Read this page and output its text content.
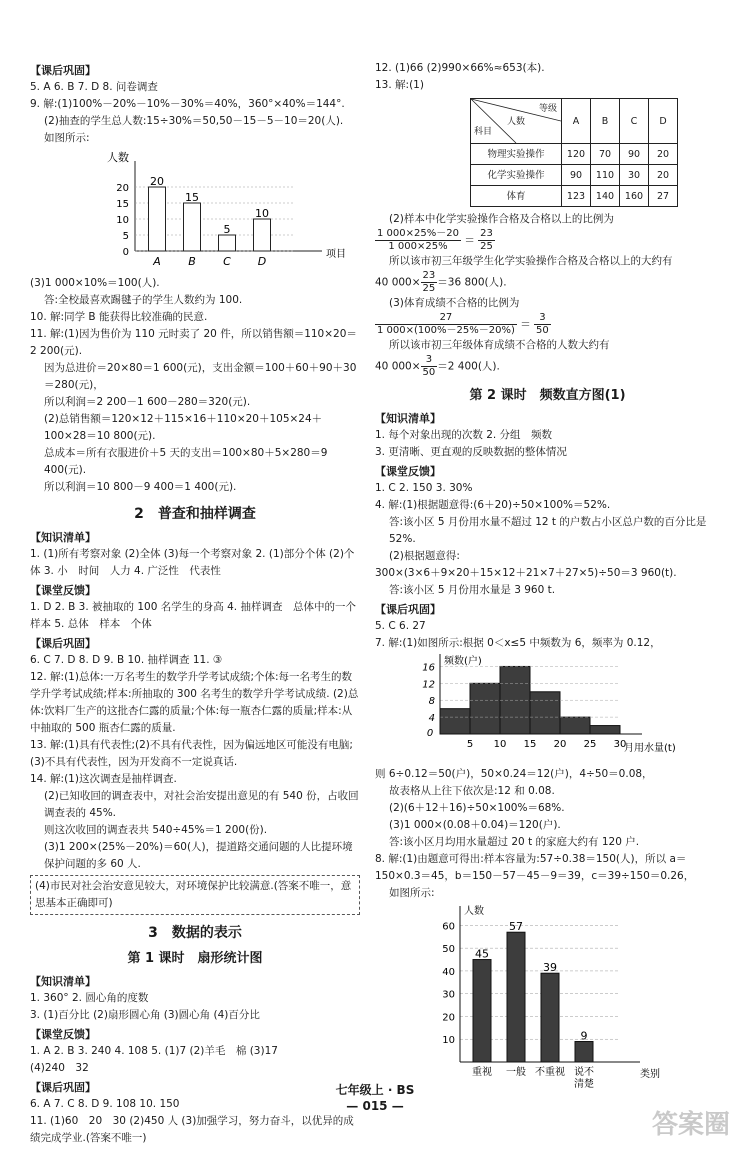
【课后巩固】
5. A 6. B 7. D 8. 问卷调查
9. 解:(1)100%－20%－10%－30%＝40%，360°×40%＝144°.
(2)抽查的学生总人数:15÷30%＝50,50－15－5－10＝20(人).
如图所示:
人数
项目
0
5
10
15
20
20
A
15
B
5
C
10
D
(3)1 000×10%＝100(人).
答:全校最喜欢踢毽子的学生人数约为 100.
10. 解:同学 B 能获得比较准确的民意.
11. 解:(1)因为售价为 110 元时卖了 20 件，所以销售额＝110×20＝2 200(元).
因为总进价＝20×80＝1 600(元)，支出金额＝100＋60＋90＋30＝280(元)，
所以利润＝2 200－1 600－280＝320(元).
(2)总销售额＝120×12＋115×16＋110×20＋105×24＋100×28＝10 800(元).
总成本＝所有衣服进价＋5 天的支出＝100×80＋5×280＝9 400(元).
所以利润＝10 800－9 400＝1 400(元).
2　普查和抽样调查
【知识清单】
1. (1)所有考察对象 (2)全体 (3)每一个考察对象 2. (1)部分个体 (2)个体 3. 小　时间　人力 4. 广泛性　代表性
【课堂反馈】
1. D 2. B 3. 被抽取的 100 名学生的身高 4. 抽样调查　总体中的一个样本 5. 总体　样本　个体
【课后巩固】
6. C 7. D 8. D 9. B 10. 抽样调查 11. ③
12. 解:(1)总体:一万名考生的数学升学考试成绩;个体:每一名考生的数学升学考试成绩;样本:所抽取的 300 名考生的数学升学考试成绩. (2)总体:饮料厂生产的这批杏仁露的质量;个体:每一瓶杏仁露的质量;样本:从中抽取的 500 瓶杏仁露的质量.
13. 解:(1)具有代表性;(2)不具有代表性，因为偏远地区可能没有电脑;(3)不具有代表性，因为开发商不一定说真话.
14. 解:(1)这次调查是抽样调查.
(2)已知收回的调查表中，对社会治安提出意见的有 540 份，占收回调查表的 45%.
则这次收回的调查表共 540÷45%＝1 200(份).
(3)1 200×(25%－20%)＝60(人)，提道路交通问题的人比提环境保护问题的多 60 人.
(4)市民对社会治安意见较大，对环境保护比较满意.(答案不唯一，意思基本正确即可)
3　数据的表示
第 1 课时　扇形统计图
【知识清单】
1. 360° 2. 圆心角的度数
3. (1)百分比 (2)扇形圆心角 (3)圆心角 (4)百分比
【课堂反馈】
1. A 2. B 3. 240 4. 108 5. (1)7 (2)羊毛　棉 (3)17
(4)240　32
【课后巩固】
6. A 7. C 8. D 9. 108 10. 150
11. (1)60　20　30 (2)450 人 (3)加强学习，努力奋斗，以优异的成绩完成学业.(答案不唯一)
12. (1)66 (2)990×66%≈653(本).
13. 解:(1)
等级
人数
科目	A	B	C	D
物理实验操作	120	70	90	20
化学实验操作	90	110	30	20
体育	123	140	160	27
(2)样本中化学实验操作合格及合格以上的比例为
$\frac{1 000\times 25\%-20}{1 000\times 25\%} = \frac{23}{25}$
所以该市初三年级学生化学实验操作合格及合格以上的大约有
40 $000\times \frac{23}{25} =36$ 800(人).
(3)体育成绩不合格的比例为
$\frac{27}{1 000\times(100\%-25\%-20\%)} = \frac{3}{50}$
所以该市初三年级体育成绩不合格的人数大约有
40 $000\times \frac{3}{50} =2$ 400(人).
第 2 课时　频数直方图(1)
【知识清单】
1. 每个对象出现的次数 2. 分组　频数
3. 更清晰、更直观的反映数据的整体情况
【课堂反馈】
1. C 2. 150 3. 30%
4. 解:(1)根据题意得:(6＋20)÷50×100%＝52%.
答:该小区 5 月份用水量不超过 12 t 的户数占小区总户数的百分比是 52%.
(2)根据题意得:
300×(3×6＋9×20＋15×12＋21×7＋27×5)÷50＝3 960(t).
答:该小区 5 月份用水量是 3 960 t.
【课后巩固】
5. C 6. 27
7. 解:(1)如图所示:根据 0＜x≤5 中频数为 6，频率为 0.12，
4
8
12
16
频数(户)
月用水量(t)
0
5 10 15 20 25 30
则 6÷0.12＝50(户)，50×0.24＝12(户)，4÷50＝0.08，
故表格从上往下依次是:12 和 0.08.
(2)(6＋12＋16)÷50×100%＝68%.
(3)1 000×(0.08＋0.04)＝120(户).
答:该小区月均用水量超过 20 t 的家庭大约有 120 户.
8. 解:(1)由题意可得出:样本容量为:57÷0.38＝150(人)，所以 a＝150×0.3＝45，b＝150－57－45－9＝39，c＝39÷150＝0.26，
如图所示:
10
20
30
40
50
60
人数
类别
45
重视
57
一般
39
不重视
9
说不
清楚
七年级上 · BS
— 015 —
答案圈
